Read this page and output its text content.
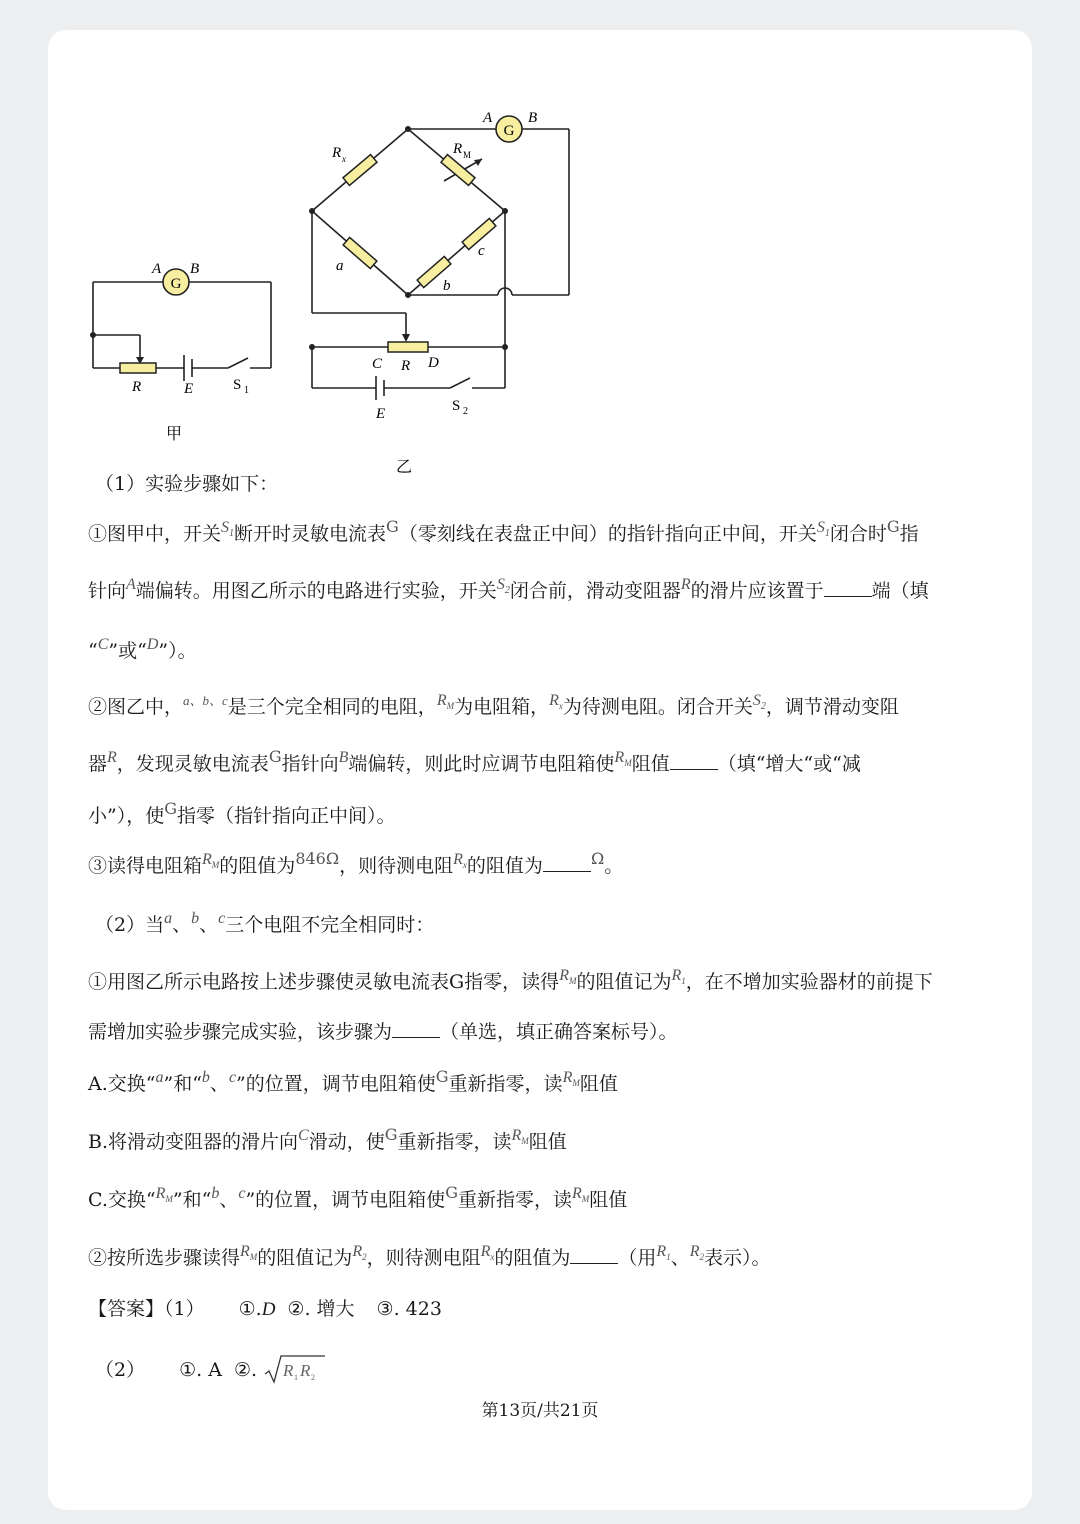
G
A B
R	E	S 1
甲
G
A B
R x
R M
a
b
c
C R D
E	S 2
乙
（1）实验步骤如下：
①图甲中，开关$^{S_1}$断开时灵敏电流表$^G$（零刻线在表盘正中间）的指针指向正中间，开关$^{S_1}$闭合时$^G$指
针向$^A$端偏转。用图乙所示的电路进行实验，开关$^{S_2}$闭合前，滑动变阻器$^R$的滑片应该置于	端（填
“$^C$”或“$^D$”）。
②图乙中，$^{a、b、c}$是三个完全相同的电阻，$^{R_M}$为电阻箱，$^{R_x}$为待测电阻。闭合开关$^{S_2}$，调节滑动变阻
器$^R$，发现灵敏电流表$^G$指针向$^B$端偏转，则此时应调节电阻箱使$^{R_M}$阻值	（填“增大“或“减
小”），使$^G$指零（指针指向正中间）。
③读得电阻箱$^{R_M}$的阻值为$^{846\Omega}$，则待测电阻$^{R_x}$的阻值为	$^\Omega$。
（2）当$^a$、$^b$、$^c$三个电阻不完全相同时：
①用图乙所示电路按上述步骤使灵敏电流表G指零，读得$^{R_M}$的阻值记为$^{R_1}$，在不增加实验器材的前提下
需增加实验步骤完成实验，该步骤为	（单选，填正确答案标号）。
A.交换“$^a$”和“$^b$、$^c$”的位置，调节电阻箱使$^G$重新指零，读$^{R_M}$阻值
B.将滑动变阻器的滑片向$^C$滑动，使$^G$重新指零，读$^{R_M}$阻值
C.交换“$^{R_M}$”和“$^b$、$^c$”的位置，调节电阻箱使$^G$重新指零，读$^{R_M}$阻值
②按所选步骤读得$^{R_M}$的阻值记为$^{R_2}$，则待测电阻$^{R_x}$的阻值为	（用$^{R_1}$、$^{R_2}$表示）。
【答案】（1） ①.D ②. 增大 ③. 423
（2） ①. A ②. R 1 R 2
第13页/共21页
